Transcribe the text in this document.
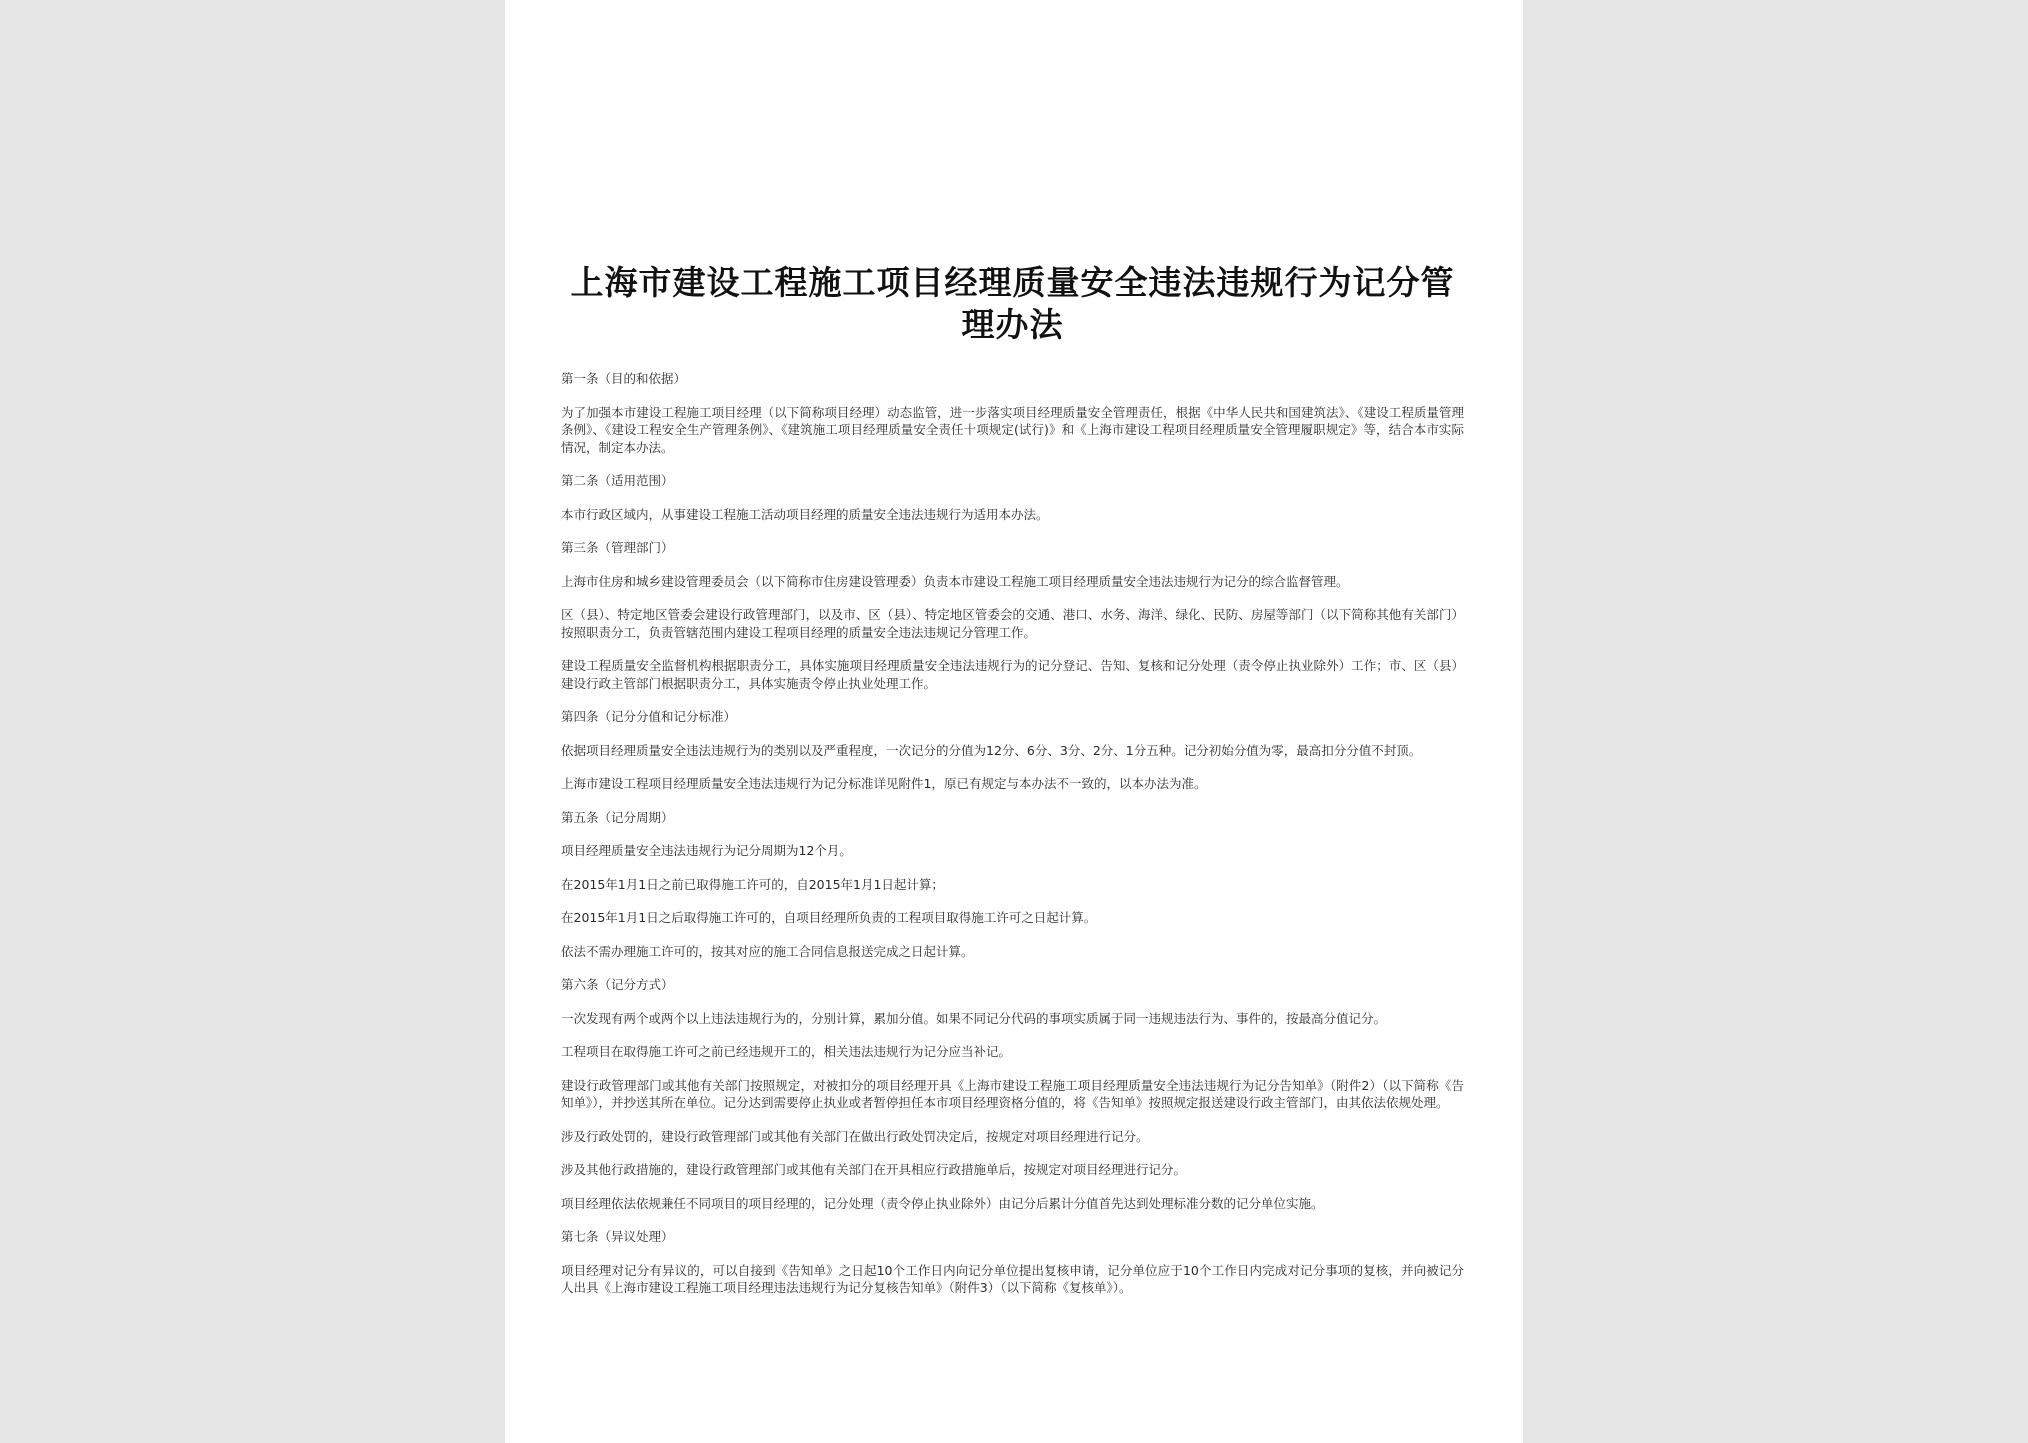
上海市建设工程施工项目经理质量安全违法违规行为记分管理办法
第一条（目的和依据）

为了加强本市建设工程施工项目经理（以下简称项目经理）动态监管，进一步落实项目经理质量安全管理责任，根据《中华人民共和国建筑法》、《建设工程质量管理条例》、《建设工程安全生产管理条例》、《建筑施工项目经理质量安全责任十项规定(试行)》和《上海市建设工程项目经理质量安全管理履职规定》等，结合本市实际情况，制定本办法。

第二条（适用范围）

本市行政区域内，从事建设工程施工活动项目经理的质量安全违法违规行为适用本办法。

第三条（管理部门）

上海市住房和城乡建设管理委员会（以下简称市住房建设管理委）负责本市建设工程施工项目经理质量安全违法违规行为记分的综合监督管理。

区（县）、特定地区管委会建设行政管理部门，以及市、区（县）、特定地区管委会的交通、港口、水务、海洋、绿化、民防、房屋等部门（以下简称其他有关部门）按照职责分工，负责管辖范围内建设工程项目经理的质量安全违法违规记分管理工作。

建设工程质量安全监督机构根据职责分工，具体实施项目经理质量安全违法违规行为的记分登记、告知、复核和记分处理（责令停止执业除外）工作；市、区（县）建设行政主管部门根据职责分工，具体实施责令停止执业处理工作。

第四条（记分分值和记分标准）

依据项目经理质量安全违法违规行为的类别以及严重程度，一次记分的分值为12分、6分、3分、2分、1分五种。记分初始分值为零，最高扣分分值不封顶。

上海市建设工程项目经理质量安全违法违规行为记分标准详见附件1，原已有规定与本办法不一致的，以本办法为准。

第五条（记分周期）

项目经理质量安全违法违规行为记分周期为12个月。

在2015年1月1日之前已取得施工许可的，自2015年1月1日起计算；

在2015年1月1日之后取得施工许可的，自项目经理所负责的工程项目取得施工许可之日起计算。

依法不需办理施工许可的，按其对应的施工合同信息报送完成之日起计算。

第六条（记分方式）

一次发现有两个或两个以上违法违规行为的，分别计算，累加分值。如果不同记分代码的事项实质属于同一违规违法行为、事件的，按最高分值记分。

工程项目在取得施工许可之前已经违规开工的，相关违法违规行为记分应当补记。

建设行政管理部门或其他有关部门按照规定，对被扣分的项目经理开具《上海市建设工程施工项目经理质量安全违法违规行为记分告知单》（附件2）（以下简称《告知单》），并抄送其所在单位。记分达到需要停止执业或者暂停担任本市项目经理资格分值的，将《告知单》按照规定报送建设行政主管部门，由其依法依规处理。

涉及行政处罚的，建设行政管理部门或其他有关部门在做出行政处罚决定后，按规定对项目经理进行记分。

涉及其他行政措施的，建设行政管理部门或其他有关部门在开具相应行政措施单后，按规定对项目经理进行记分。

项目经理依法依规兼任不同项目的项目经理的，记分处理（责令停止执业除外）由记分后累计分值首先达到处理标准分数的记分单位实施。

第七条（异议处理）

项目经理对记分有异议的，可以自接到《告知单》之日起10个工作日内向记分单位提出复核申请，记分单位应于10个工作日内完成对记分事项的复核，并向被记分人出具《上海市建设工程施工项目经理违法违规行为记分复核告知单》（附件3）（以下简称《复核单》）。
